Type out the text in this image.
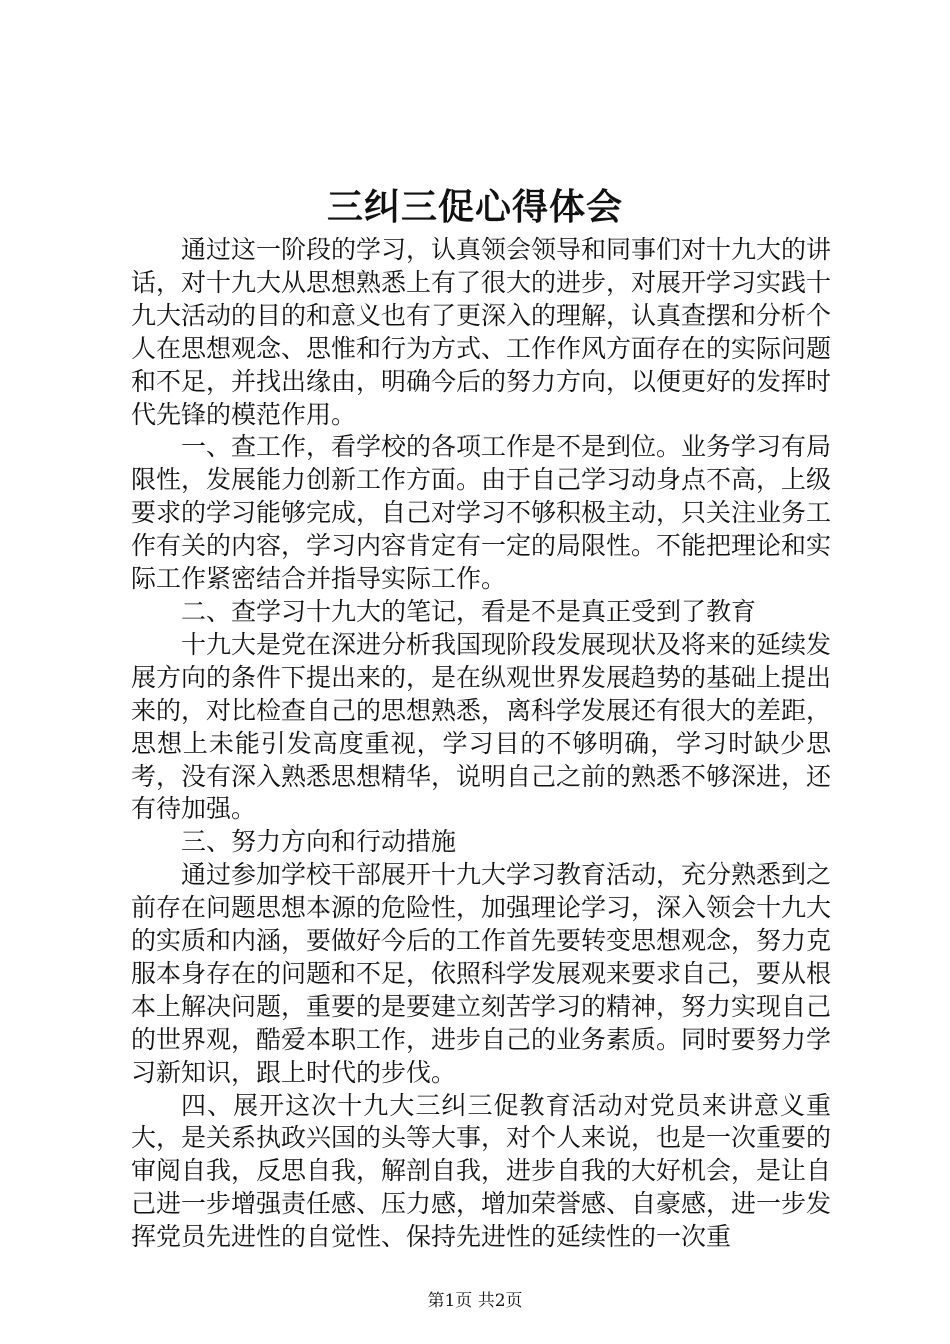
三纠三促心得体会

通过这一阶段的学习，认真领会领导和同事们对十九大的讲话，对十九大从思想熟悉上有了很大的进步，对展开学习实践十九大活动的目的和意义也有了更深入的理解，认真查摆和分析个人在思想观念、思惟和行为方式、工作作风方面存在的实际问题和不足，并找出缘由，明确今后的努力方向，以便更好的发挥时代先锋的模范作用。

一、查工作，看学校的各项工作是不是到位。业务学习有局限性，发展能力创新工作方面。由于自己学习动身点不高，上级要求的学习能够完成，自己对学习不够积极主动，只关注业务工作有关的内容，学习内容肯定有一定的局限性。不能把理论和实际工作紧密结合并指导实际工作。

二、查学习十九大的笔记，看是不是真正受到了教育

十九大是党在深进分析我国现阶段发展现状及将来的延续发展方向的条件下提出来的，是在纵观世界发展趋势的基础上提出来的，对比检查自己的思想熟悉，离科学发展还有很大的差距，思想上未能引发高度重视，学习目的不够明确，学习时缺少思考，没有深入熟悉思想精华，说明自己之前的熟悉不够深进，还有待加强。

三、努力方向和行动措施

通过参加学校干部展开十九大学习教育活动，充分熟悉到之前存在问题思想本源的危险性，加强理论学习，深入领会十九大的实质和内涵，要做好今后的工作首先要转变思想观念，努力克服本身存在的问题和不足，依照科学发展观来要求自己，要从根本上解决问题，重要的是要建立刻苦学习的精神，努力实现自己的世界观，酷爱本职工作，进步自己的业务素质。同时要努力学习新知识，跟上时代的步伐。

四、展开这次十九大三纠三促教育活动对党员来讲意义重大，是关系执政兴国的头等大事，对个人来说，也是一次重要的审阅自我，反思自我，解剖自我，进步自我的大好机会，是让自己进一步增强责任感、压力感，增加荣誉感、自豪感，进一步发挥党员先进性的自觉性、保持先进性的延续性的一次重

第1页 共2页
